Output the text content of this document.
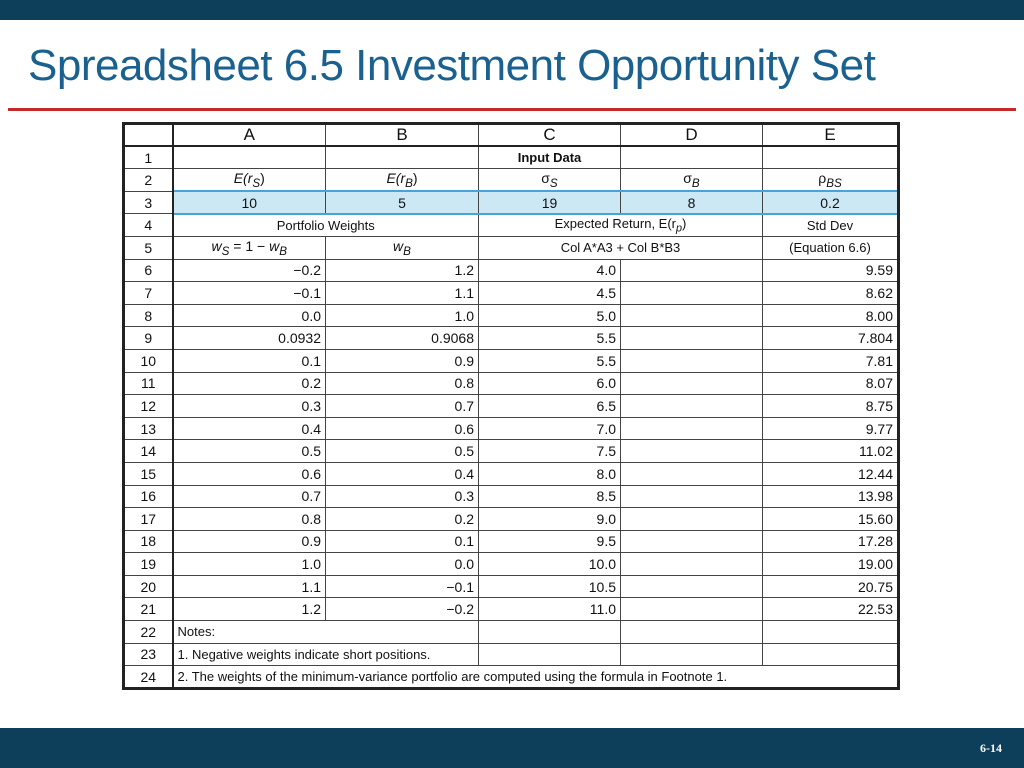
Spreadsheet 6.5 Investment Opportunity Set
	A	B	C	D	E
1			Input Data		
2	$E(r_S)$	$E(r_B)$	$\sigma_S$	$\sigma_B$	$\rho_{BS}$
3	10	5	19	8	0.2
4	Portfolio Weights		Expected Return, $E(r_p)$		Std Dev
5	$w_S = 1 - w_B$	$w_B$	Col A*A3 + Col B*B3		(Equation 6.6)
6	−0.2	1.2	4.0		9.59
7	−0.1	1.1	4.5		8.62
8	0.0	1.0	5.0		8.00
9	0.0932	0.9068	5.5		7.804
10	0.1	0.9	5.5		7.81
11	0.2	0.8	6.0		8.07
12	0.3	0.7	6.5		8.75
13	0.4	0.6	7.0		9.77
14	0.5	0.5	7.5		11.02
15	0.6	0.4	8.0		12.44
16	0.7	0.3	8.5		13.98
17	0.8	0.2	9.0		15.60
18	0.9	0.1	9.5		17.28
19	1.0	0.0	10.0		19.00
20	1.1	−0.1	10.5		20.75
21	1.2	−0.2	11.0		22.53
22	Notes:				
23	1. Negative weights indicate short positions.				
24	2. The weights of the minimum-variance portfolio are computed using the formula in Footnote 1.				
6-14
